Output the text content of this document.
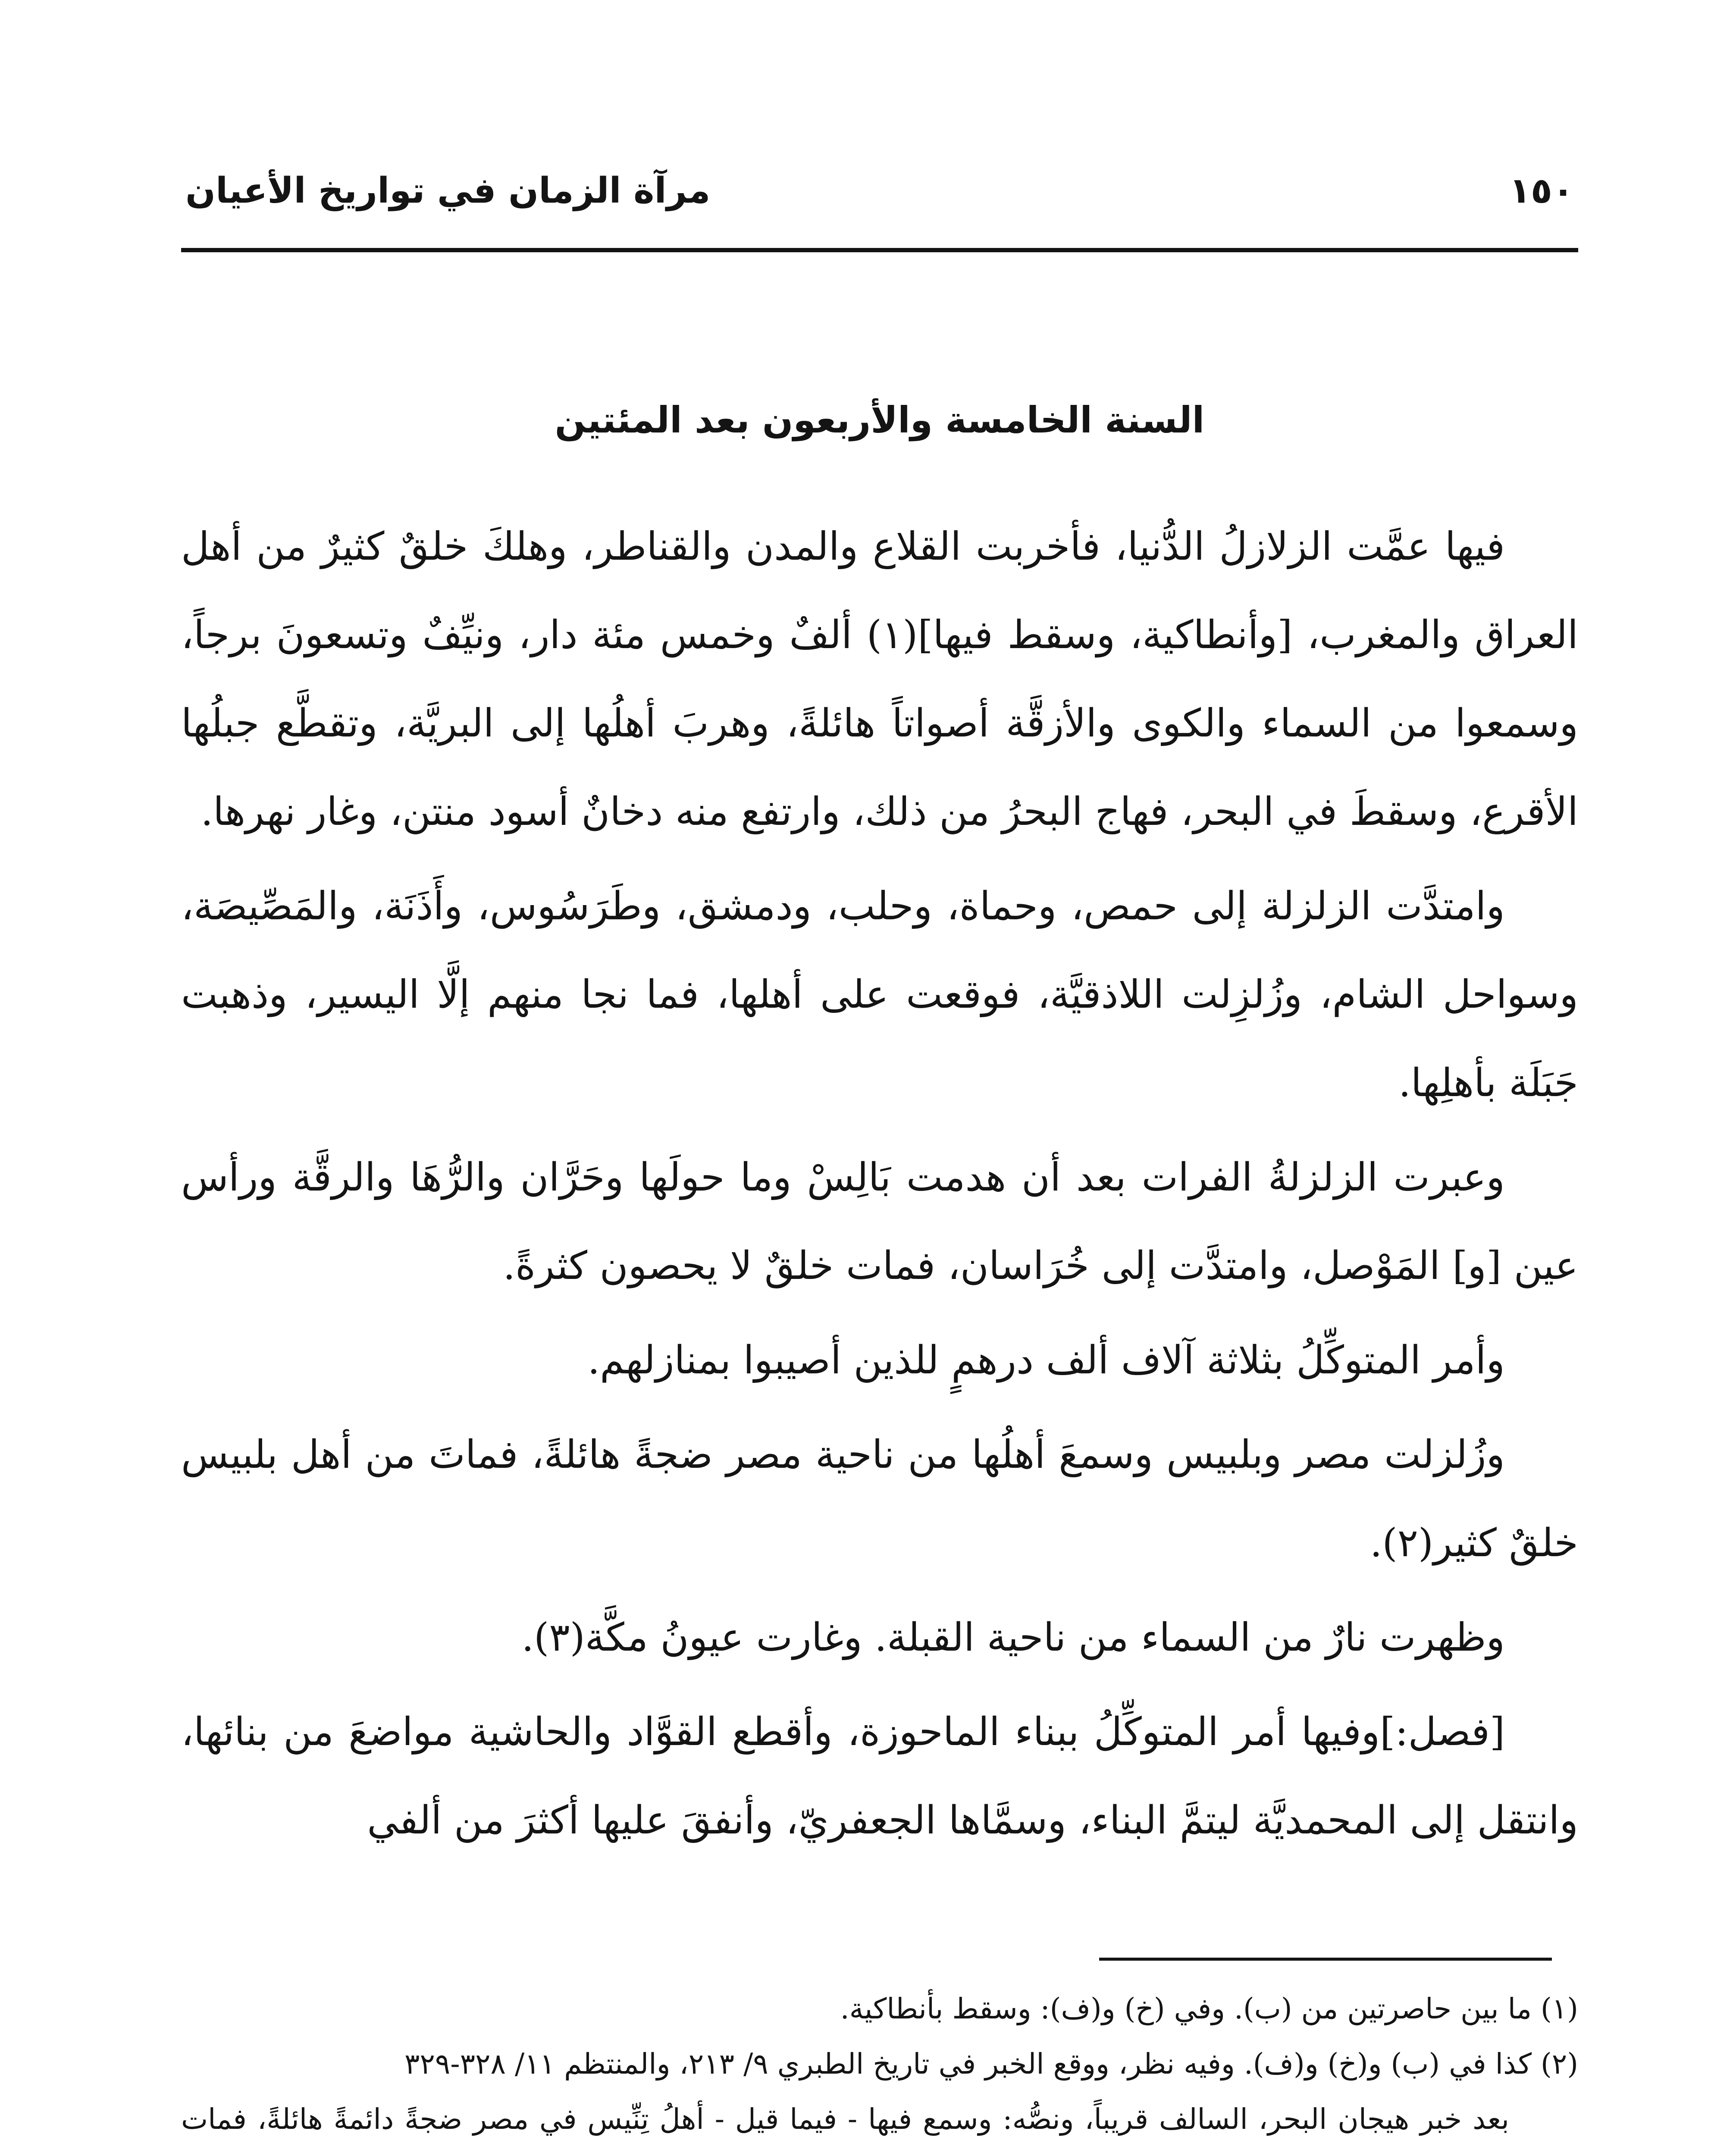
١٥٠
مرآة الزمان في تواريخ الأعيان
السنة الخامسة والأربعون بعد المئتين

فيها عمَّت الزلازلُ الدُّنيا، فأخربت القلاع والمدن والقناطر، وهلكَ خلقٌ كثيرٌ من أهل العراق والمغرب، [وأنطاكية، وسقط فيها](١) ألفٌ وخمس مئة دار، ونيِّفٌ وتسعونَ برجاً، وسمعوا من السماء والكوى والأزقَّة أصواتاً هائلةً، وهربَ أهلُها إلى البريَّة، وتقطَّع جبلُها الأقرع، وسقطَ في البحر، فهاج البحرُ من ذلك، وارتفع منه دخانٌ أسود منتن، وغار نهرها.

وامتدَّت الزلزلة إلى حمص، وحماة، وحلب، ودمشق، وطَرَسُوس، وأَذَنَة، والمَصِّيصَة، وسواحل الشام، وزُلزِلت اللاذقيَّة، فوقعت على أهلها، فما نجا منهم إلَّا اليسير، وذهبت جَبَلَة بأهلِها.

وعبرت الزلزلةُ الفرات بعد أن هدمت بَالِسْ وما حولَها وحَرَّان والرُّهَا والرقَّة ورأس عين [و] المَوْصل، وامتدَّت إلى خُرَاسان، فمات خلقٌ لا يحصون كثرةً.

وأمر المتوكِّلُ بثلاثة آلاف ألف درهمٍ للذين أصيبوا بمنازلهم.

وزُلزلت مصر وبلبيس وسمعَ أهلُها من ناحية مصر ضجةً هائلةً، فماتَ من أهل بلبيس خلقٌ كثير(٢).

وظهرت نارٌ من السماء من ناحية القبلة. وغارت عيونُ مكَّة(٣).

[فصل:]وفيها أمر المتوكِّلُ ببناء الماحوزة، وأقطع القوَّاد والحاشية مواضعَ من بنائها، وانتقل إلى المحمديَّة ليتمَّ البناء، وسمَّاها الجعفريّ، وأنفقَ عليها أكثرَ من ألفي

(١) ما بين حاصرتين من (ب). وفي (خ) و(ف): وسقط بأنطاكية.

(٢) كذا في (ب) و(خ) و(ف). وفيه نظر، ووقع الخبر في تاريخ الطبري ٩/ ٢١٣، والمنتظم ١١/ ٣٢٨-٣٢٩

بعد خبر هيجان البحر، السالف قريباً، ونصُّه: وسمع فيها - فيما قيل - أهلُ تِنِّيس في مصر ضجةً دائمةً هائلةً، فمات
